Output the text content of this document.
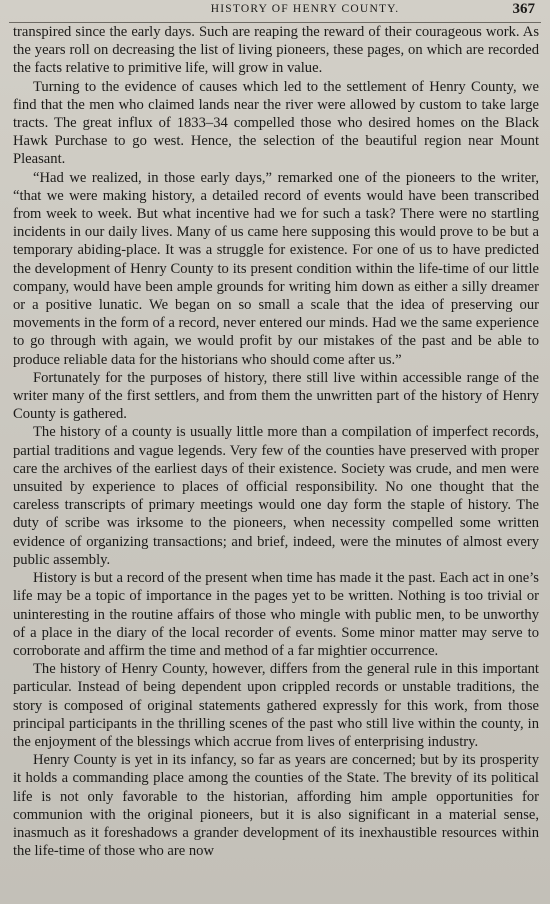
HISTORY OF HENRY COUNTY.	367

transpired since the early days. Such are reaping the reward of their courageous work. As the years roll on decreasing the list of living pioneers, these pages, on which are recorded the facts relative to primitive life, will grow in value.

Turning to the evidence of causes which led to the settlement of Henry County, we find that the men who claimed lands near the river were allowed by custom to take large tracts. The great influx of 1833–34 compelled those who desired homes on the Black Hawk Purchase to go west. Hence, the selection of the beautiful region near Mount Pleasant.

“Had we realized, in those early days,” remarked one of the pioneers to the writer, “that we were making history, a detailed record of events would have been transcribed from week to week. But what incentive had we for such a task? There were no startling incidents in our daily lives. Many of us came here supposing this would prove to be but a temporary abiding-place. It was a struggle for existence. For one of us to have predicted the development of Henry County to its present condition within the life-time of our little company, would have been ample grounds for writing him down as either a silly dreamer or a positive lunatic. We began on so small a scale that the idea of preserving our movements in the form of a record, never entered our minds. Had we the same experience to go through with again, we would profit by our mistakes of the past and be able to produce reliable data for the historians who should come after us.”

Fortunately for the purposes of history, there still live within accessible range of the writer many of the first settlers, and from them the unwritten part of the history of Henry County is gathered.

The history of a county is usually little more than a compilation of imperfect records, partial traditions and vague legends. Very few of the counties have preserved with proper care the archives of the earliest days of their existence. Society was crude, and men were unsuited by experience to places of official responsibility. No one thought that the careless transcripts of primary meetings would one day form the staple of history. The duty of scribe was irksome to the pioneers, when necessity compelled some written evidence of organizing transactions; and brief, indeed, were the minutes of almost every public assembly.

History is but a record of the present when time has made it the past. Each act in one’s life may be a topic of importance in the pages yet to be written. Nothing is too trivial or uninteresting in the routine affairs of those who mingle with public men, to be unworthy of a place in the diary of the local recorder of events. Some minor matter may serve to corroborate and affirm the time and method of a far mightier occurrence.

The history of Henry County, however, differs from the general rule in this important particular. Instead of being dependent upon crippled records or unstable traditions, the story is composed of original statements gathered expressly for this work, from those principal participants in the thrilling scenes of the past who still live within the county, in the enjoyment of the blessings which accrue from lives of enterprising industry.

Henry County is yet in its infancy, so far as years are concerned; but by its prosperity it holds a commanding place among the counties of the State. The brevity of its political life is not only favorable to the historian, affording him ample opportunities for communion with the original pioneers, but it is also significant in a material sense, inasmuch as it foreshadows a grander development of its inexhaustible resources within the life-time of those who are now
